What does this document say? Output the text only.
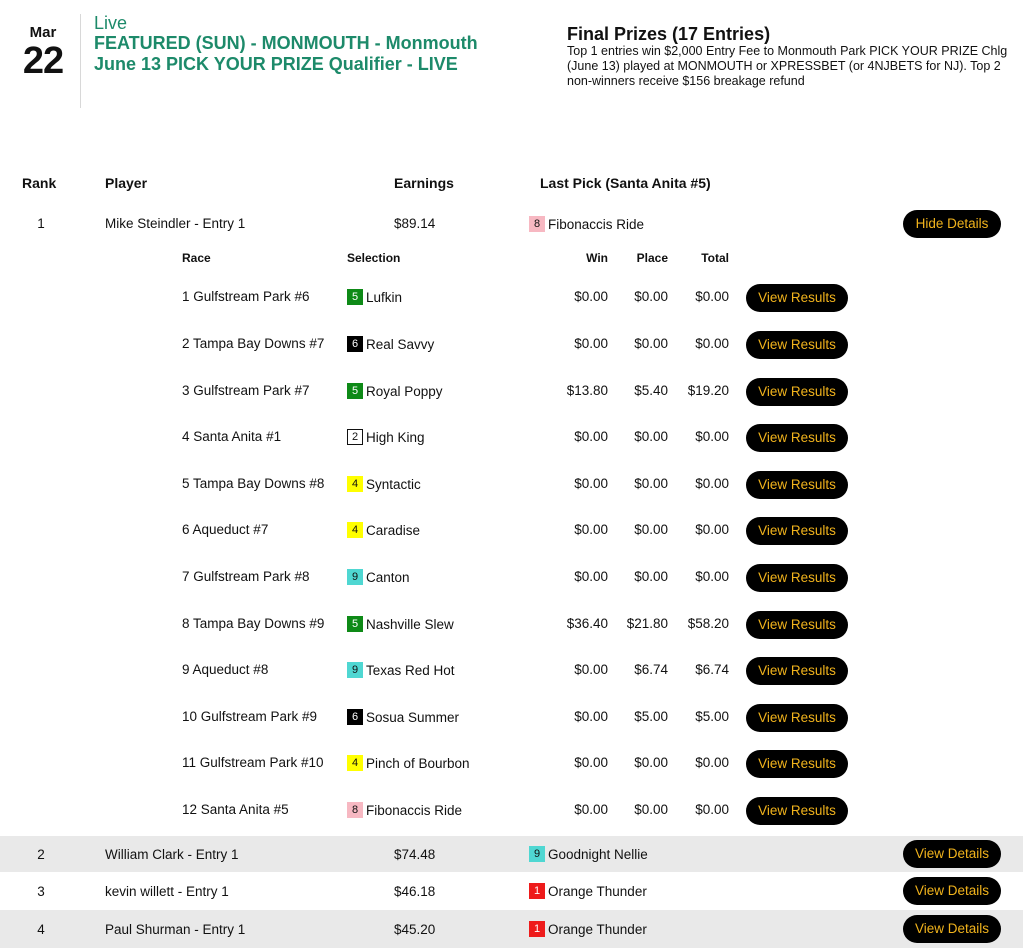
Mar
22
Live
FEATURED (SUN) - MONMOUTH - Monmouth June 13 PICK YOUR PRIZE Qualifier - LIVE
Final Prizes (17 Entries)
Top 1 entries win $2,000 Entry Fee to Monmouth Park PICK YOUR PRIZE Chlg (June 13) played at MONMOUTH or XPRESSBET (or 4NJBETS for NJ). Top 2 non-winners receive $156 breakage refund
Rank	Player	Earnings	Last Pick (Santa Anita #5)
1	Mike Steindler - Entry 1	$89.14	8 Fibonaccis Ride	Hide Details
Race	Selection	Win	Place	Total
1 Gulfstream Park #6	5 Lufkin	$0.00	$0.00	$0.00	View Results
2 Tampa Bay Downs #7	6 Real Savvy	$0.00	$0.00	$0.00	View Results
3 Gulfstream Park #7	5 Royal Poppy	$13.80	$5.40	$19.20	View Results
4 Santa Anita #1	2 High King	$0.00	$0.00	$0.00	View Results
5 Tampa Bay Downs #8	4 Syntactic	$0.00	$0.00	$0.00	View Results
6 Aqueduct #7	4 Caradise	$0.00	$0.00	$0.00	View Results
7 Gulfstream Park #8	9 Canton	$0.00	$0.00	$0.00	View Results
8 Tampa Bay Downs #9	5 Nashville Slew	$36.40	$21.80	$58.20	View Results
9 Aqueduct #8	9 Texas Red Hot	$0.00	$6.74	$6.74	View Results
10 Gulfstream Park #9	6 Sosua Summer	$0.00	$5.00	$5.00	View Results
11 Gulfstream Park #10	4 Pinch of Bourbon	$0.00	$0.00	$0.00	View Results
12 Santa Anita #5	8 Fibonaccis Ride	$0.00	$0.00	$0.00	View Results
2	William Clark - Entry 1	$74.48	9 Goodnight Nellie	View Details
3	kevin willett - Entry 1	$46.18	1 Orange Thunder	View Details
4	Paul Shurman - Entry 1	$45.20	1 Orange Thunder	View Details
